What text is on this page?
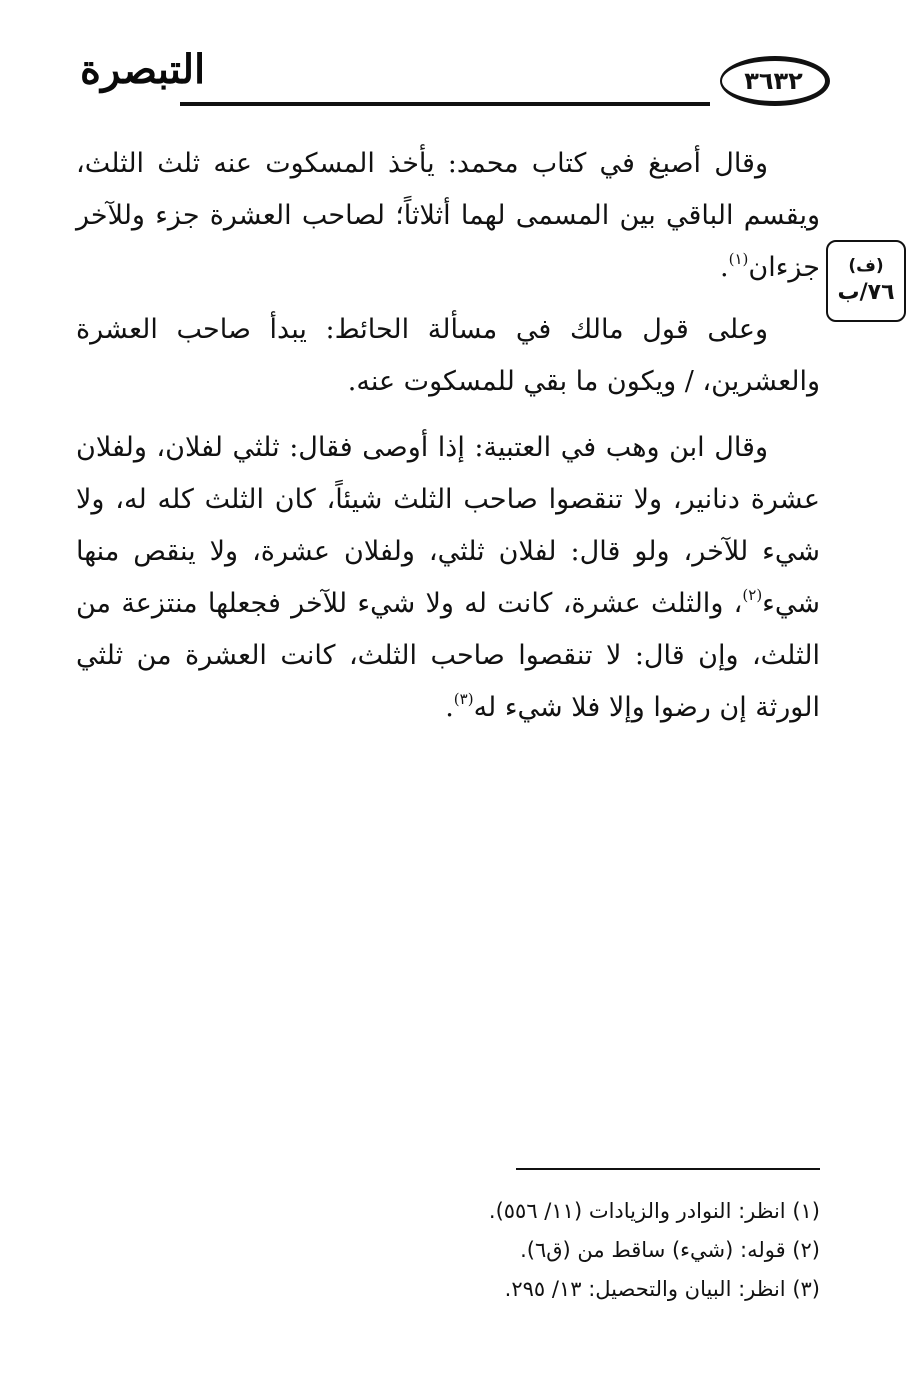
التبصرة	٣٦٣٢
(ف)
٧٦/ب

وقال أصبغ في كتاب محمد: يأخذ المسكوت عنه ثلث الثلث، ويقسم الباقي بين المسمى لهما أثلاثاً؛ لصاحب العشرة جزء وللآخر جزءان$^{(١)}$.

وعلى قول مالك في مسألة الحائط: يبدأ صاحب العشرة والعشرين، / ويكون ما بقي للمسكوت عنه.

وقال ابن وهب في العتبية: إذا أوصى فقال: ثلثي لفلان، ولفلان عشرة دنانير، ولا تنقصوا صاحب الثلث شيئاً، كان الثلث كله له، ولا شيء للآخر، ولو قال: لفلان ثلثي، ولفلان عشرة، ولا ينقص منها شيء$^{(٢)}$، والثلث عشرة، كانت له ولا شيء للآخر فجعلها منتزعة من الثلث، وإن قال: لا تنقصوا صاحب الثلث، كانت العشرة من ثلثي الورثة إن رضوا وإلا فلا شيء له$^{(٣)}$.

(١) انظر: النوادر والزيادات (١١/ ٥٥٦).

(٢) قوله: (شيء) ساقط من (ق٦).

(٣) انظر: البيان والتحصيل: ١٣/ ٢٩٥.
